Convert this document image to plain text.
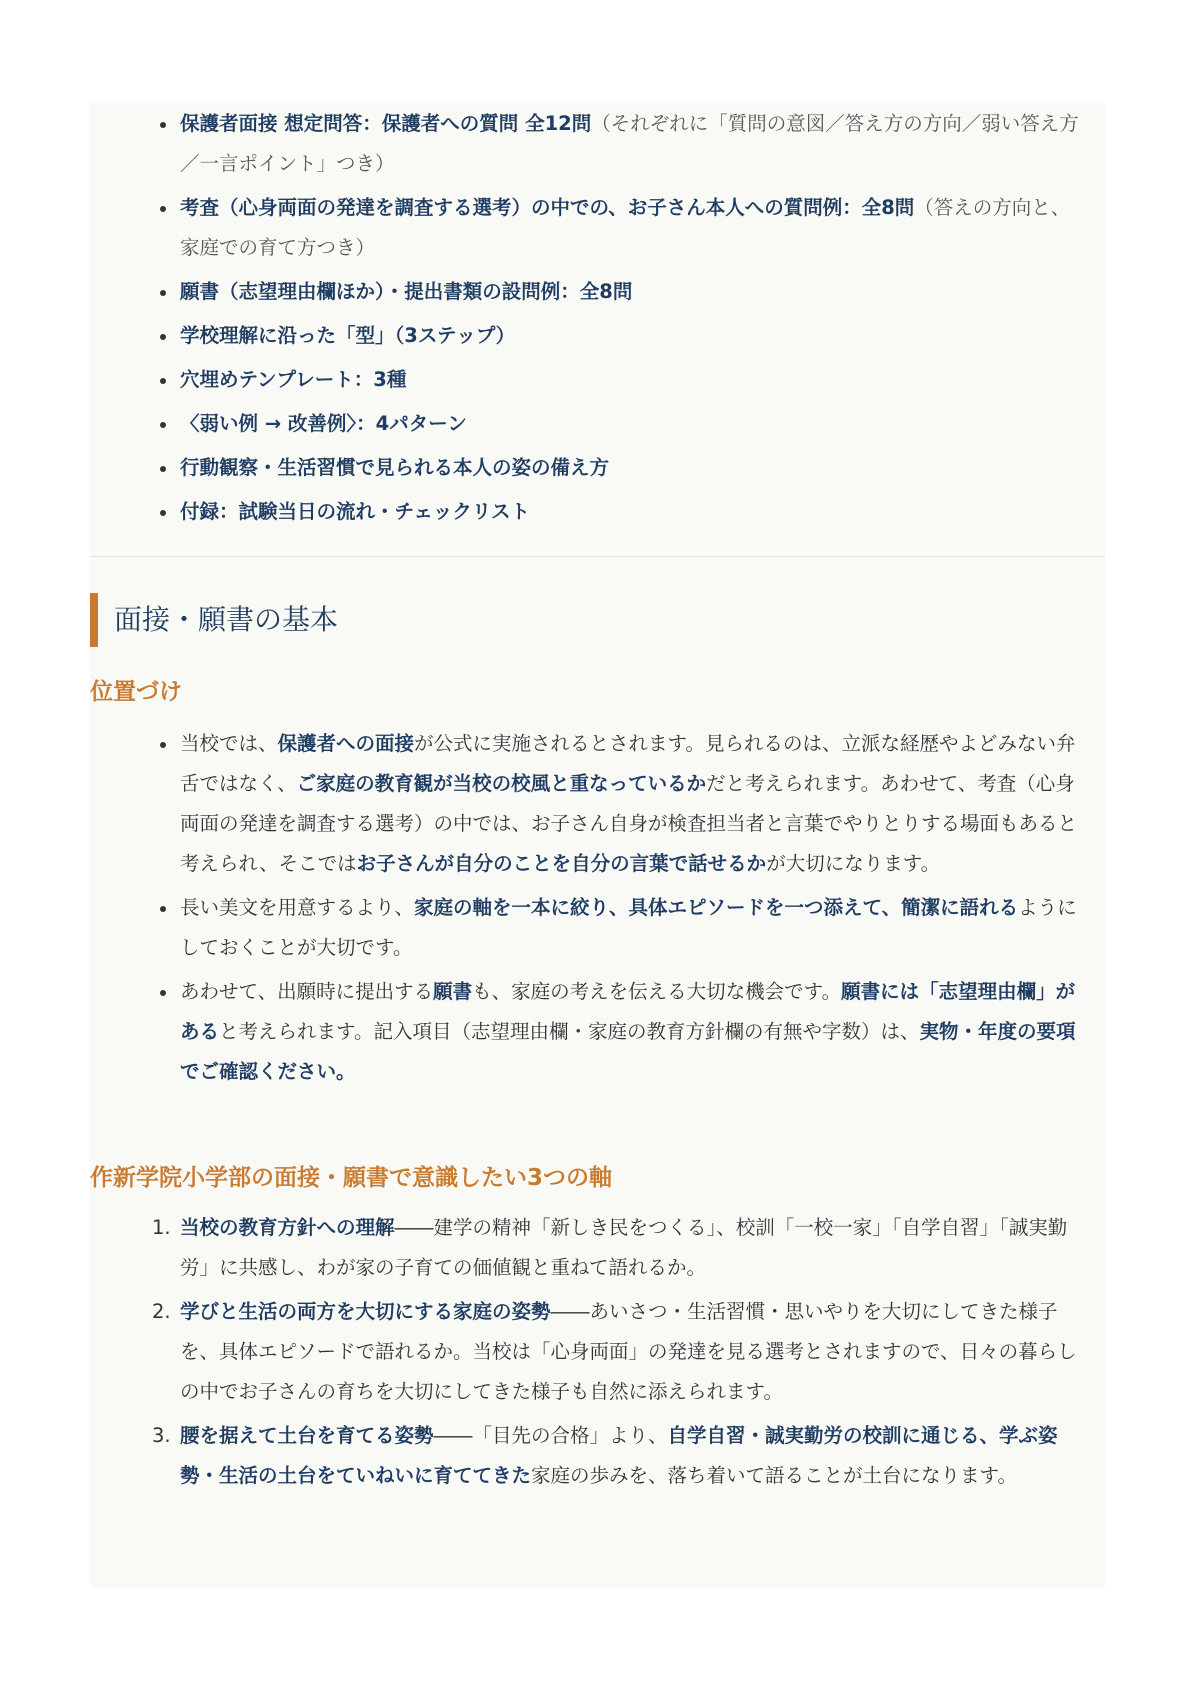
保護者面接 想定問答：保護者への質問 全12問（それぞれに「質問の意図／答え方の方向／弱い答え方／一言ポイント」つき）
考査（心身両面の発達を調査する選考）の中での、お子さん本人への質問例：全8問（答えの方向と、家庭での育て方つき）
願書（志望理由欄ほか）・提出書類の設問例：全8問
学校理解に沿った「型」（3ステップ）
穴埋めテンプレート：3種
〈弱い例 → 改善例〉：4パターン
行動観察・生活習慣で見られる本人の姿の備え方
付録：試験当日の流れ・チェックリスト
面接・願書の基本
位置づけ
当校では、保護者への面接が公式に実施されるとされます。見られるのは、立派な経歴やよどみない弁舌ではなく、ご家庭の教育観が当校の校風と重なっているかだと考えられます。あわせて、考査（心身両面の発達を調査する選考）の中では、お子さん自身が検査担当者と言葉でやりとりする場面もあると考えられ、そこではお子さんが自分のことを自分の言葉で話せるかが大切になります。
長い美文を用意するより、家庭の軸を一本に絞り、具体エピソードを一つ添えて、簡潔に語れるようにしておくことが大切です。
あわせて、出願時に提出する願書も、家庭の考えを伝える大切な機会です。願書には「志望理由欄」があると考えられます。記入項目（志望理由欄・家庭の教育方針欄の有無や字数）は、実物・年度の要項でご確認ください。
作新学院小学部の面接・願書で意識したい3つの軸
1. 当校の教育方針への理解――建学の精神「新しき民をつくる」、校訓「一校一家」「自学自習」「誠実勤労」に共感し、わが家の子育ての価値観と重ねて語れるか。
2. 学びと生活の両方を大切にする家庭の姿勢――あいさつ・生活習慣・思いやりを大切にしてきた様子を、具体エピソードで語れるか。当校は「心身両面」の発達を見る選考とされますので、日々の暮らしの中でお子さんの育ちを大切にしてきた様子も自然に添えられます。
3. 腰を据えて土台を育てる姿勢――「目先の合格」より、自学自習・誠実勤労の校訓に通じる、学ぶ姿勢・生活の土台をていねいに育ててきた家庭の歩みを、落ち着いて語ることが土台になります。
